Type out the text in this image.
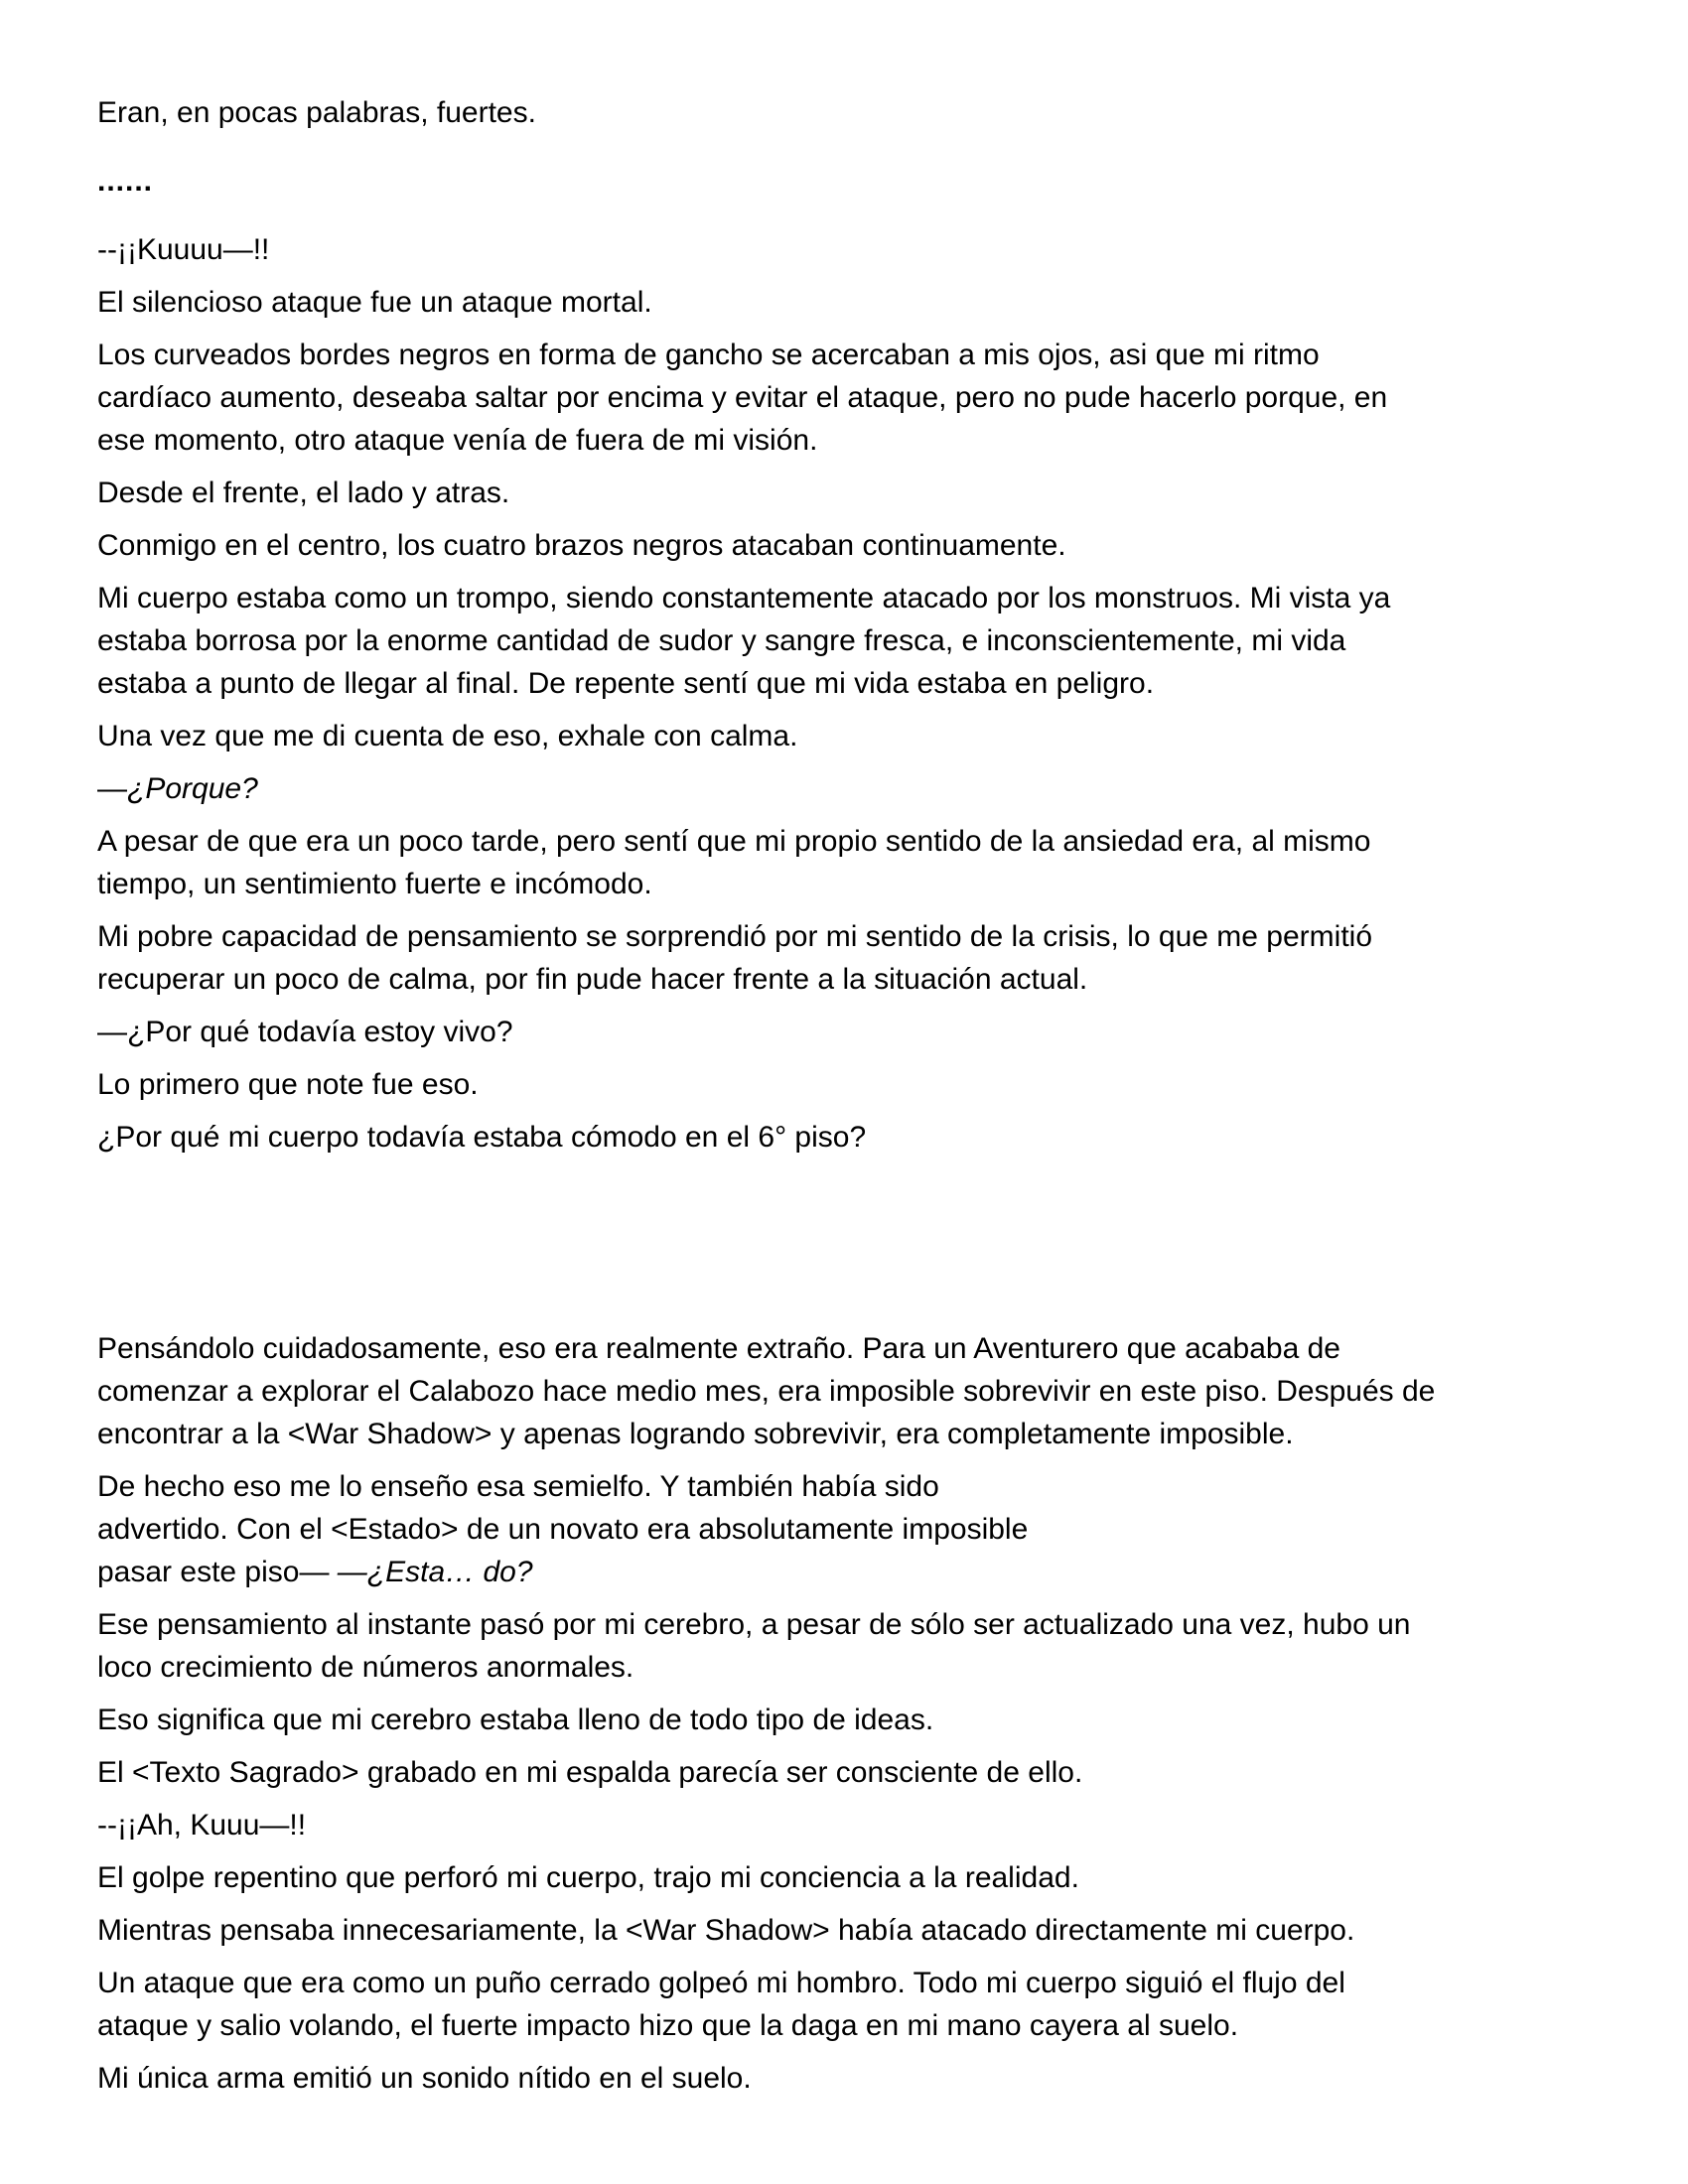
Eran, en pocas palabras, fuertes.

......

--¡¡Kuuuu—!!

El silencioso ataque fue un ataque mortal.

Los curveados bordes negros en forma de gancho se acercaban a mis ojos, asi que mi ritmo
cardíaco aumento, deseaba saltar por encima y evitar el ataque, pero no pude hacerlo porque, en
ese momento, otro ataque venía de fuera de mi visión.

Desde el frente, el lado y atras.

Conmigo en el centro, los cuatro brazos negros atacaban continuamente.

Mi cuerpo estaba como un trompo, siendo constantemente atacado por los monstruos. Mi vista ya
estaba borrosa por la enorme cantidad de sudor y sangre fresca, e inconscientemente, mi vida
estaba a punto de llegar al final. De repente sentí que mi vida estaba en peligro.

Una vez que me di cuenta de eso, exhale con calma.

—¿Porque?

A pesar de que era un poco tarde, pero sentí que mi propio sentido de la ansiedad era, al mismo
tiempo, un sentimiento fuerte e incómodo.

Mi pobre capacidad de pensamiento se sorprendió por mi sentido de la crisis, lo que me permitió
recuperar un poco de calma, por fin pude hacer frente a la situación actual.

—¿Por qué todavía estoy vivo?

Lo primero que note fue eso.

¿Por qué mi cuerpo todavía estaba cómodo en el 6° piso?

Pensándolo cuidadosamente, eso era realmente extraño. Para un Aventurero que acababa de
comenzar a explorar el Calabozo hace medio mes, era imposible sobrevivir en este piso. Después de
encontrar a la <War Shadow> y apenas logrando sobrevivir, era completamente imposible.

De hecho eso me lo enseño esa semielfo. Y también había sido
advertido. Con el <Estado> de un novato era absolutamente imposible
pasar este piso— —¿Esta… do?

Ese pensamiento al instante pasó por mi cerebro, a pesar de sólo ser actualizado una vez, hubo un
loco crecimiento de números anormales.

Eso significa que mi cerebro estaba lleno de todo tipo de ideas.

El <Texto Sagrado> grabado en mi espalda parecía ser consciente de ello.

--¡¡Ah, Kuuu—!!

El golpe repentino que perforó mi cuerpo, trajo mi conciencia a la realidad.

Mientras pensaba innecesariamente, la <War Shadow> había atacado directamente mi cuerpo.

Un ataque que era como un puño cerrado golpeó mi hombro. Todo mi cuerpo siguió el flujo del
ataque y salio volando, el fuerte impacto hizo que la daga en mi mano cayera al suelo.

Mi única arma emitió un sonido nítido en el suelo.
